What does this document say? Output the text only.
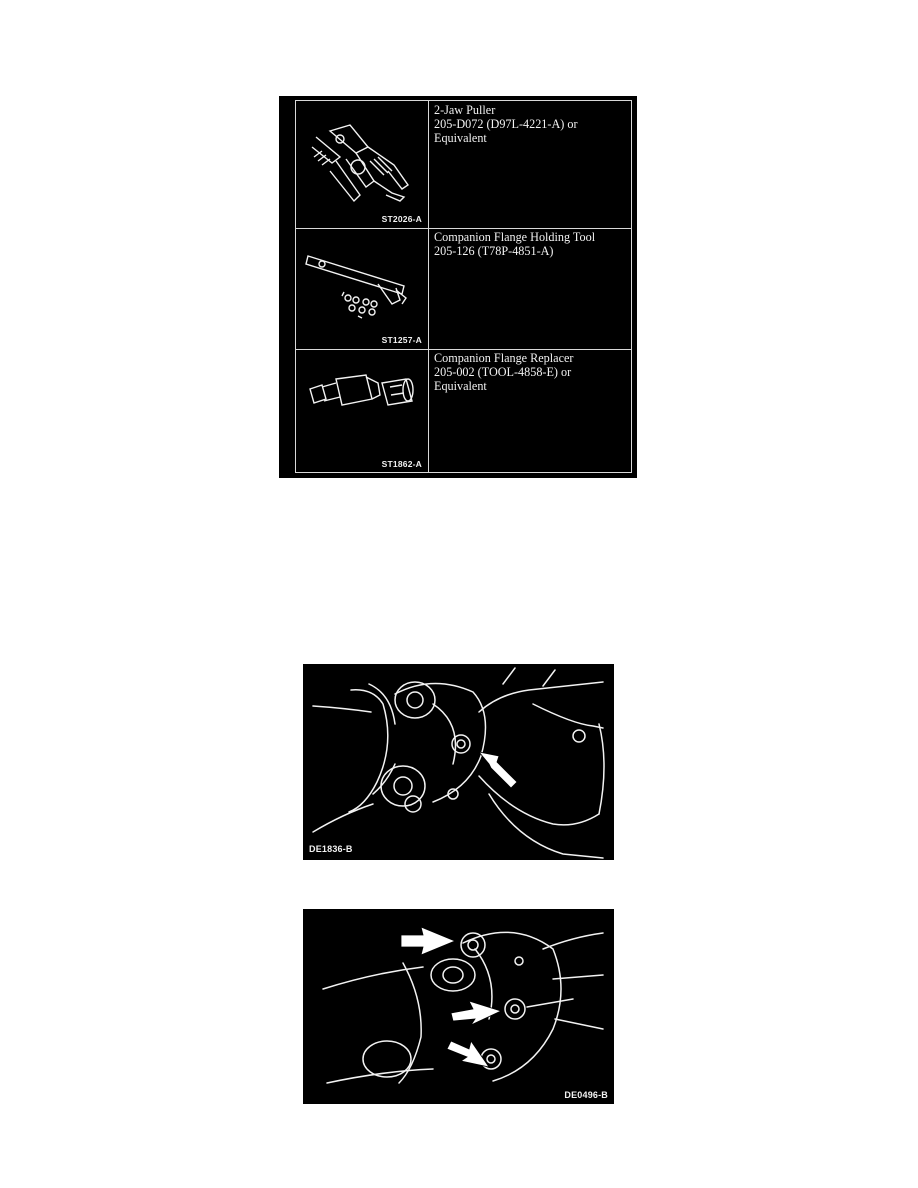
ST2026-A
2-Jaw Puller
205-D072 (D97L-4221-A) or
Equivalent
ST1257-A
Companion Flange Holding Tool
205-126 (T78P-4851-A)
ST1862-A
Companion Flange Replacer
205-002 (TOOL-4858-E) or
Equivalent
DE1836-B
DE0496-B
